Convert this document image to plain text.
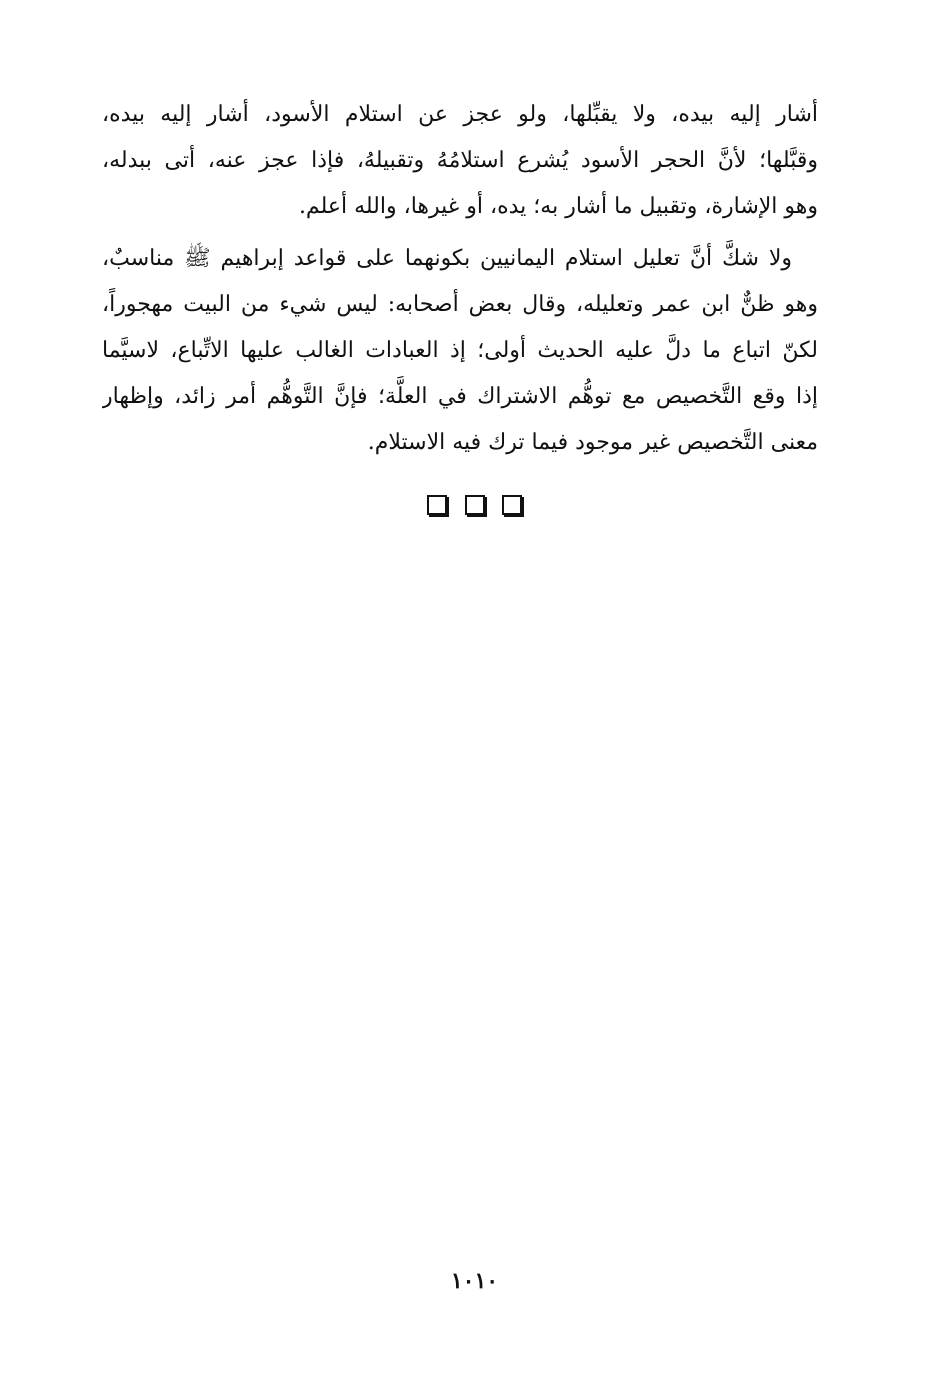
أشار إليه بيده، ولا يقبِّلها، ولو عجز عن استلام الأسود، أشار إليه بيده،
وقبَّلها؛ لأنَّ الحجر الأسود يُشرع استلامُهُ وتقبيلهُ، فإذا عجز عنه، أتى ببدله،
وهو الإشارة، وتقبيل ما أشار به؛ يده، أو غيرها، والله أعلم.
ولا شكَّ أنَّ تعليل استلام اليمانيين بكونهما على قواعد إبراهيم ﷺ مناسبٌ،
وهو ظنٌّ ابن عمر وتعليله، وقال بعض أصحابه: ليس شيء من البيت مهجوراً،
لكنّ اتباع ما دلَّ عليه الحديث أولى؛ إذ العبادات الغالب عليها الاتِّباع، لاسيَّما
إذا وقع التَّخصيص مع توهُّم الاشتراك في العلَّة؛ فإنَّ التَّوهُّم أمر زائد، وإظهار
معنى التَّخصيص غير موجود فيما ترك فيه الاستلام.

١٠١٠
